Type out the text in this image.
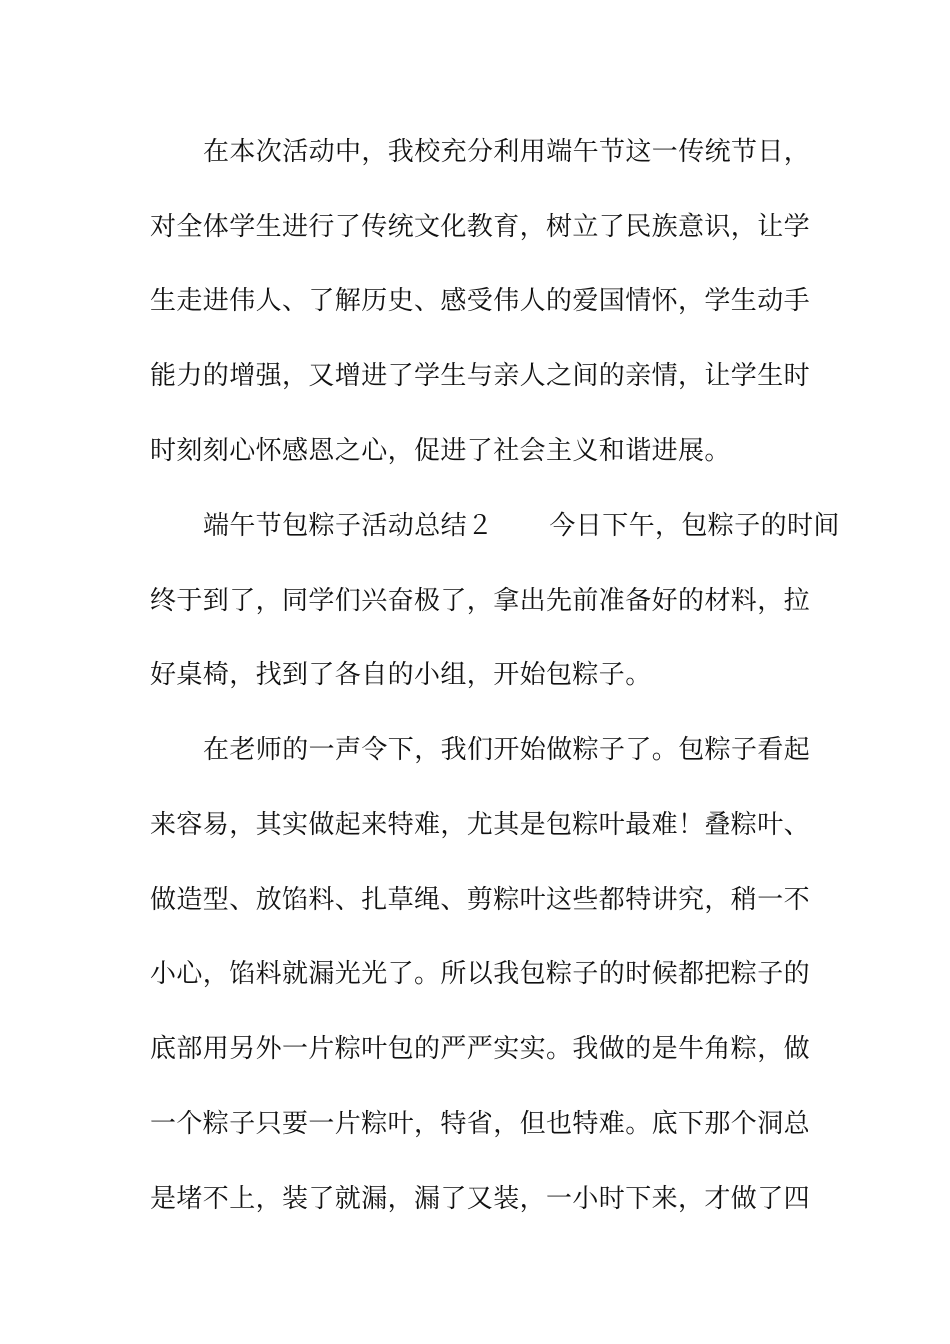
在本次活动中，我校充分利用端午节这一传统节日，
对全体学生进行了传统文化教育，树立了民族意识，让学
生走进伟人、了解历史、感受伟人的爱国情怀，学生动手
能力的增强，又增进了学生与亲人之间的亲情，让学生时
时刻刻心怀感恩之心，促进了社会主义和谐进展。
端午节包粽子活动总结２ 今日下午，包粽子的时间
终于到了，同学们兴奋极了，拿出先前准备好的材料，拉
好桌椅，找到了各自的小组，开始包粽子。
在老师的一声令下，我们开始做粽子了。包粽子看起
来容易，其实做起来特难，尤其是包粽叶最难！叠粽叶、
做造型、放馅料、扎草绳、剪粽叶这些都特讲究，稍一不
小心，馅料就漏光光了。所以我包粽子的时候都把粽子的
底部用另外一片粽叶包的严严实实。我做的是牛角粽，做
一个粽子只要一片粽叶，特省，但也特难。底下那个洞总
是堵不上，装了就漏，漏了又装，一小时下来，才做了四
